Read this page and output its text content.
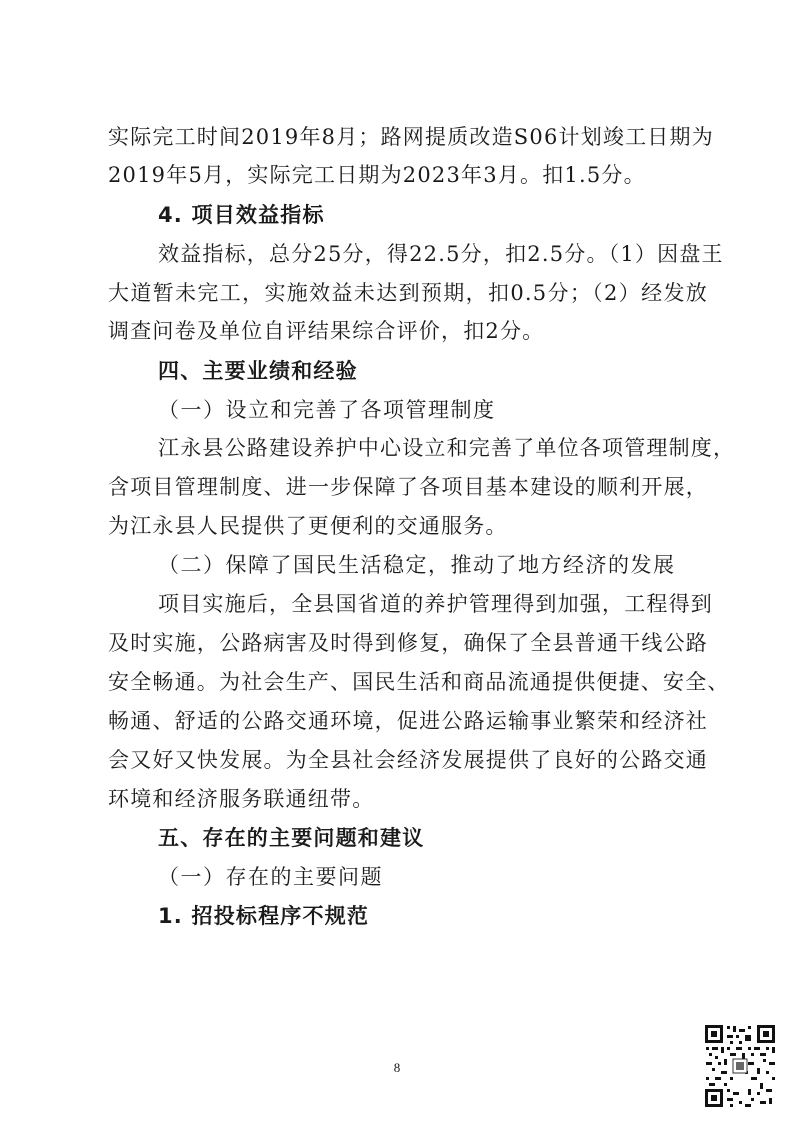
实际完工时间2019年8月；路网提质改造S06计划竣工日期为
2019年5月，实际完工日期为2023年3月。扣1.5分。
4. 项目效益指标
效益指标，总分25分，得22.5分，扣2.5分。（1）因盘王
大道暂未完工，实施效益未达到预期，扣0.5分；（2）经发放
调查问卷及单位自评结果综合评价，扣2分。
四、主要业绩和经验
（一）设立和完善了各项管理制度
江永县公路建设养护中心设立和完善了单位各项管理制度，
含项目管理制度、进一步保障了各项目基本建设的顺利开展，
为江永县人民提供了更便利的交通服务。
（二）保障了国民生活稳定，推动了地方经济的发展
项目实施后，全县国省道的养护管理得到加强，工程得到
及时实施，公路病害及时得到修复，确保了全县普通干线公路
安全畅通。为社会生产、国民生活和商品流通提供便捷、安全、
畅通、舒适的公路交通环境，促进公路运输事业繁荣和经济社
会又好又快发展。为全县社会经济发展提供了良好的公路交通
环境和经济服务联通纽带。
五、存在的主要问题和建议
（一）存在的主要问题
1. 招投标程序不规范
8
